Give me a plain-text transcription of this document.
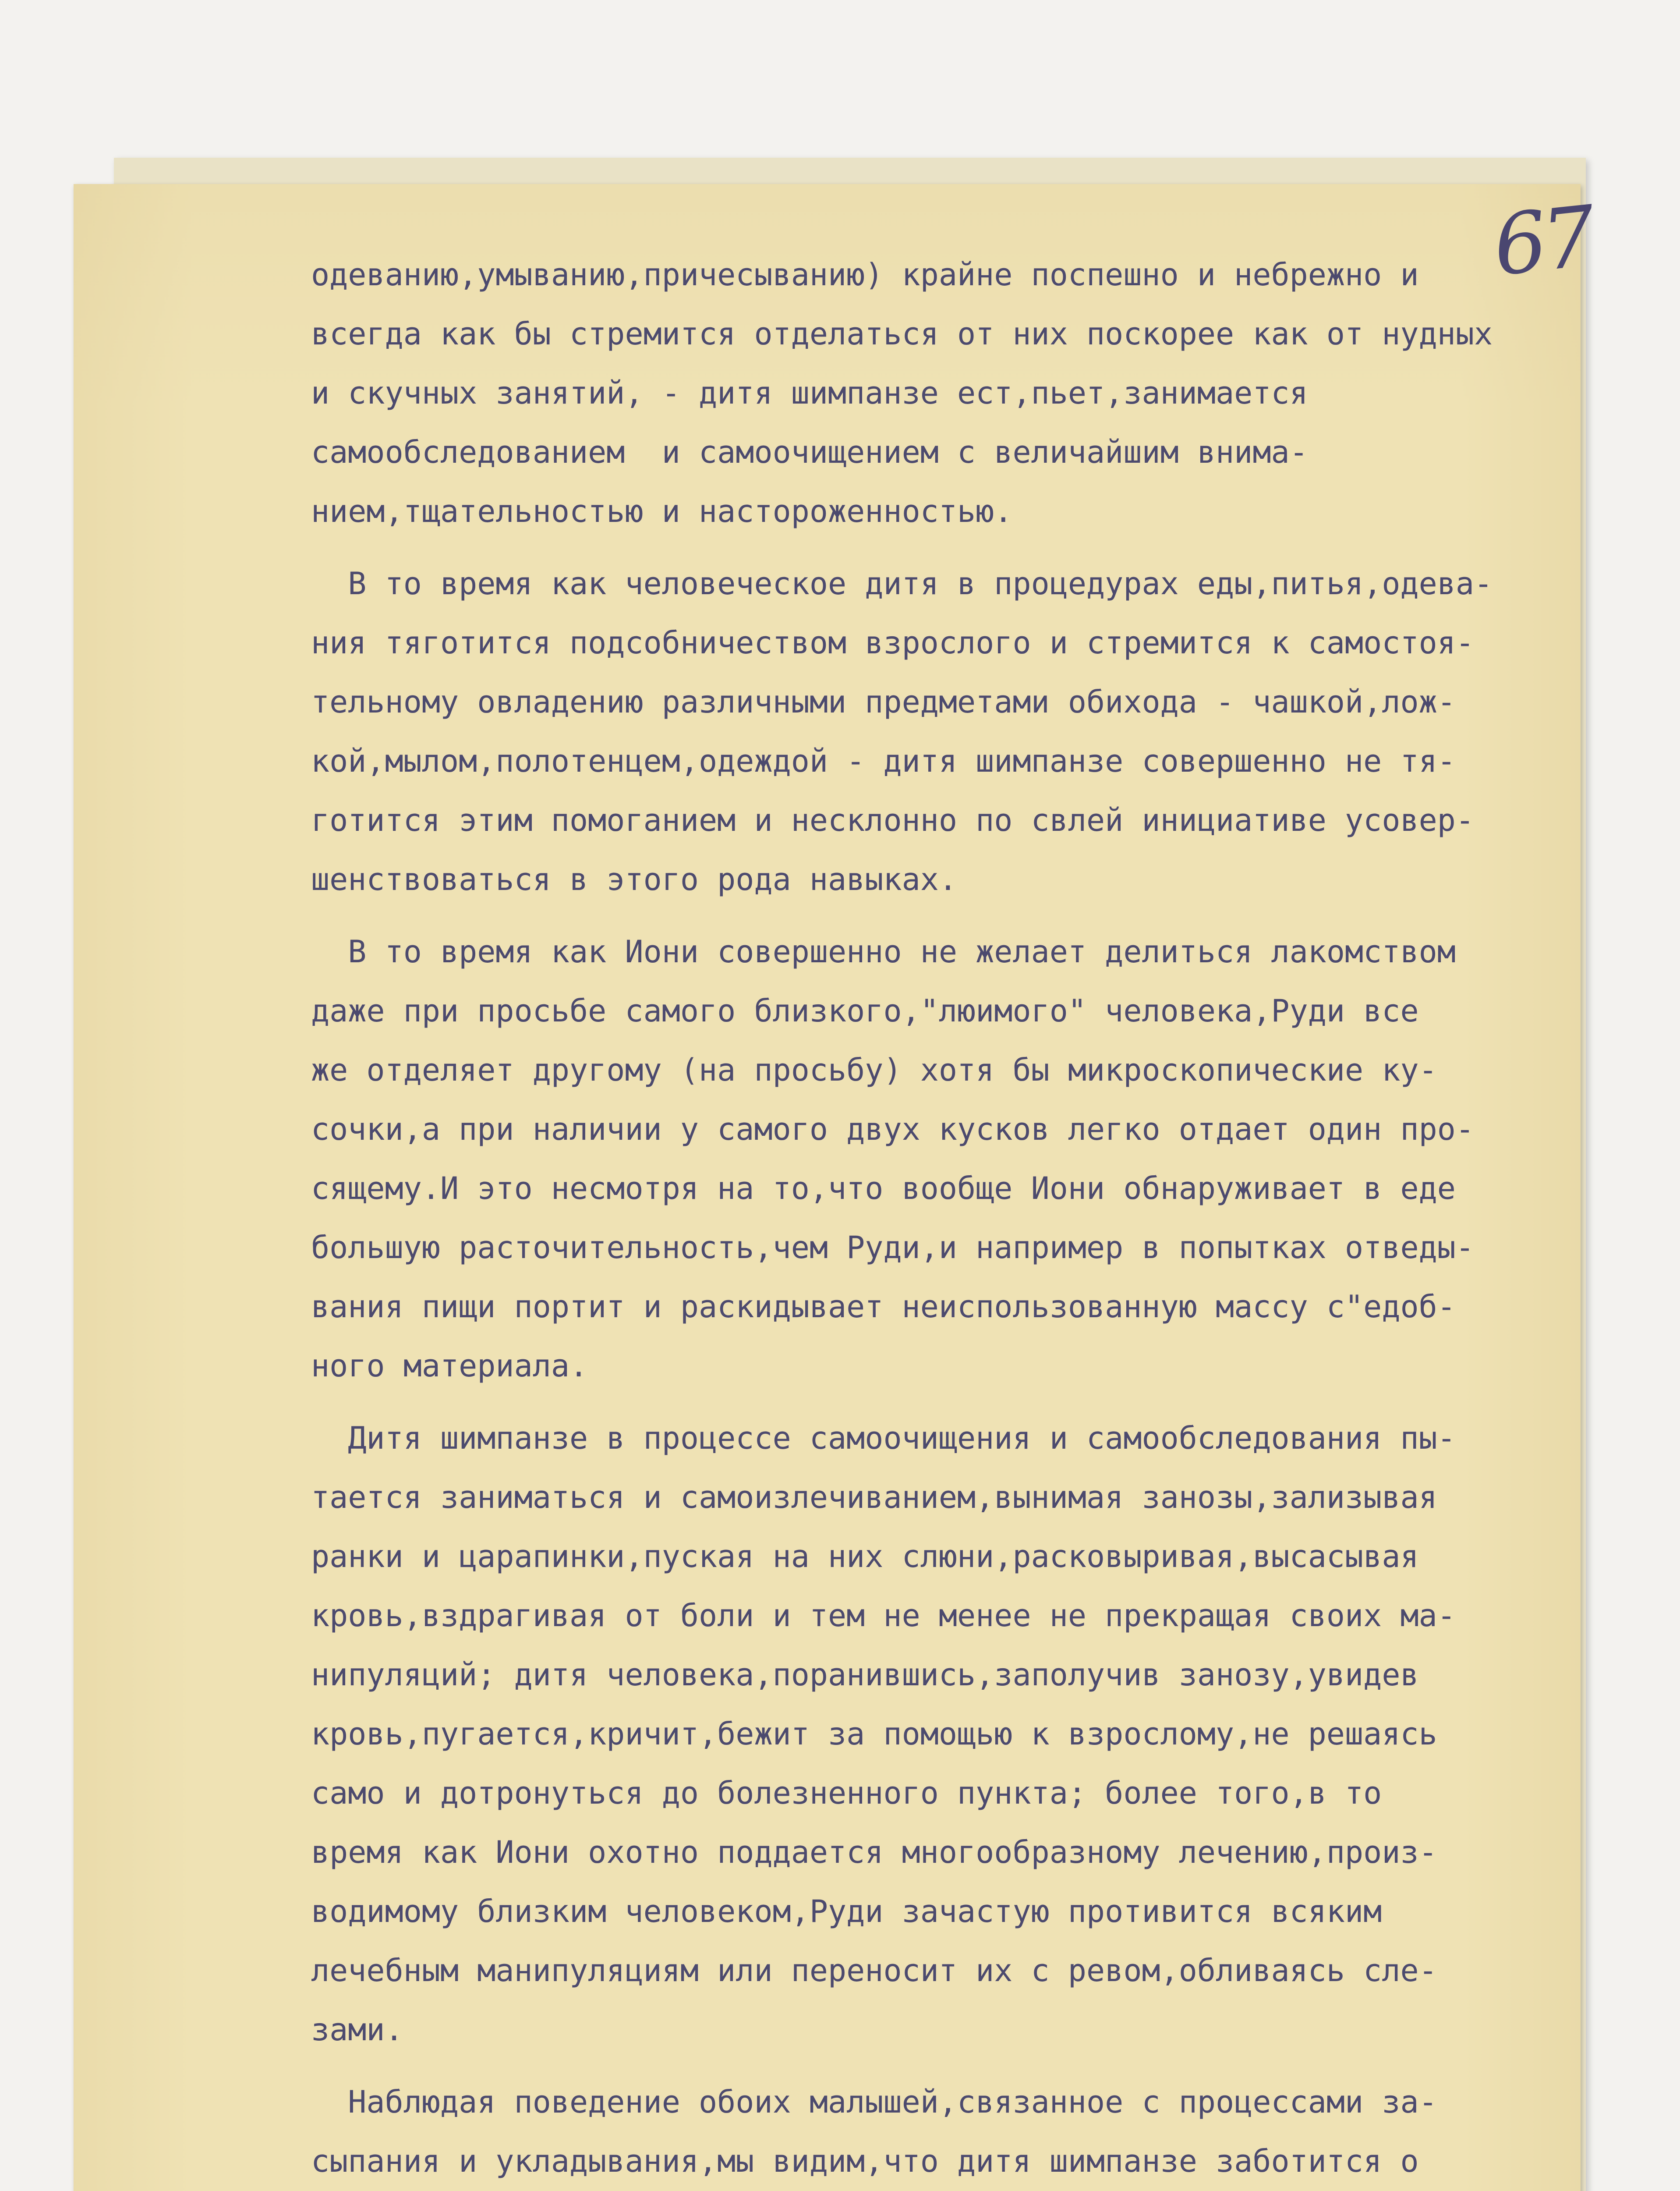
67
одеванию,умыванию,причесыванию) крайне поспешно и небрежно и
всегда как бы стремится отделаться от них поскорее как от нудных
и скучных занятий, - дитя шимпанзе ест,пьет,занимается
самообследованием  и самоочищением с величайшим внима-
нием,тщательностью и настороженностью.
В то время как человеческое дитя в процедурах еды,питья,одева-
ния тяготится подсобничеством взрослого и стремится к самостоя-
тельному овладению различными предметами обихода - чашкой,лож-
кой,мылом,полотенцем,одеждой - дитя шимпанзе совершенно не тя-
готится этим помоганием и несклонно по свлей инициативе усовер-
шенствоваться в этого рода навыках.
В то время как Иони совершенно не желает делиться лакомством
даже при просьбе самого близкого,"люимого" человека,Руди все
же отделяет другому (на просьбу) хотя бы микроскопические ку-
сочки,а при наличии у самого двух кусков легко отдает один про-
сящему.И это несмотря на то,что вообще Иони обнаруживает в еде
большую расточительность,чем Руди,и например в попытках отведы-
вания пищи портит и раскидывает неиспользованную массу с"едоб-
ного материала.
Дитя шимпанзе в процессе самоочищения и самообследования пы-
тается заниматься и самоизлечиванием,вынимая занозы,зализывая
ранки и царапинки,пуская на них слюни,расковыривая,высасывая
кровь,вздрагивая от боли и тем не менее не прекращая своих ма-
нипуляций; дитя человека,поранившись,заполучив занозу,увидев
кровь,пугается,кричит,бежит за помощью к взрослому,не решаясь
само и дотронуться до болезненного пункта; более того,в то
время как Иони охотно поддается многообразному лечению,произ-
водимому близким человеком,Руди зачастую противится всяким
лечебным манипуляциям или переносит их с ревом,обливаясь сле-
зами.
Наблюдая поведение обоих малышей,связанное с процессами за-
сыпания и укладывания,мы видим,что дитя шимпанзе заботится о
